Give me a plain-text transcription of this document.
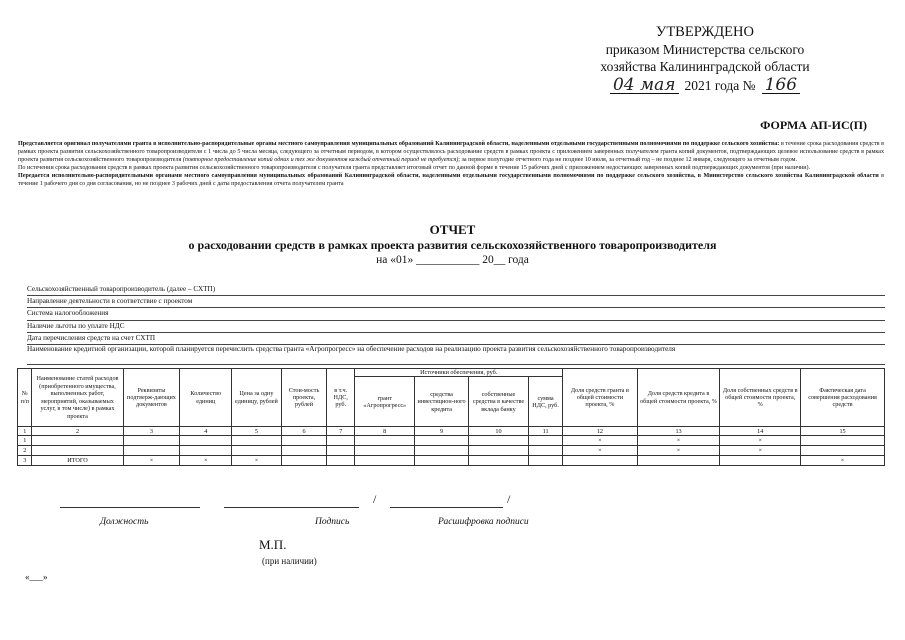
УТВЕРЖДЕНО
приказом Министерства сельского
хозяйства Калининградской области
04 мая 2021 года № 166
ФОРМА АП-ИС(П)

Представляется оригинал получателями гранта в исполнительно-распорядительные органы местного самоуправления муниципальных образований Калининградской области, наделенными отдельными государственными полномочиями по поддержке сельского хозяйства: в течение срока расходования средств в рамках проекта развития сельскохозяйственного товаропроизводителя с 1 числа до 5 числа месяца, следующего за отчетным периодом, в котором осуществлялось расходование средств в рамках проекта с приложением заверенных получателем гранта копий документов, подтверждающих целевое использование средств в рамках проекта развития сельскохозяйственного товаропроизводителя (повторное предоставление копий одних и тех же документов каждый отчетный период не требуется); за первое полугодие отчетного года не позднее 10 июля, за отчетный год – не позднее 12 января, следующего за отчетным годом.

По истечении срока расходования средств в рамках проекта развития сельскохозяйственного товаропроизводителя с получателя гранта представляет итоговый отчет по данной форме в течение 15 рабочих дней с приложением недостающих заверенных копий подтверждающих документов (при наличии).

Передается исполнительно-распорядительными органами местного самоуправления муниципальных образований Калининградской области, наделенными отдельными государственными полномочиями по поддержке сельского хозяйства, в Министерство сельского хозяйства Калининградской области в течение 1 рабочего дня со дня согласования, но не позднее 3 рабочих дней с даты предоставления отчета получателем гранта

ОТЧЕТ
о расходовании средств в рамках проекта развития сельскохозяйственного товаропроизводителя
на «01» ___________ 20__ года
Сельскохозяйственный товаропроизводитель (далее – СХТП)
Направление деятельности в соответствие с проектом
Система налогообложения
Наличие льготы по уплате НДС
Дата перечисления средств на счет СХТП
Наименование кредитной организации, которой планируется перечислить средства гранта «Агропрогресс» на обеспечение расходов на реализацию проекта развития сельскохозяйственного товаропроизводителя
№ п/п	Наименование статей расходов (приобретенного имущества, выполненных работ, мероприятий, оказываемых услуг, в том числе) в рамках проекта	Реквизиты подтверж-дающих документов	Количество единиц	Цена за одну единицу, рублей	Стои-мость проекта, рублей	в т.ч. НДС, руб.	Источники обеспечения, руб.				Доля средств гранта в общей стоимости проекта, %	Доля средств кредита в общей стоимости проекта, %	Доля собственных средств в общей стоимости проекта, %	Фактическая дата совершения расходования средств
							грант «Агропрогресс»	средства инвестицион-ного кредита	собственные средства в качестве вклада банку	сумма НДС, руб.				
1	2	3	4	5	6	7	8	9	10	11	12	13	14	15
1											×	×	×	
2											×	×	×	
3	ИТОГО	×	×	×										×
/	/
Должность	Подпись	Расшифровка подписи
М.П.
(при наличии)
«___»
